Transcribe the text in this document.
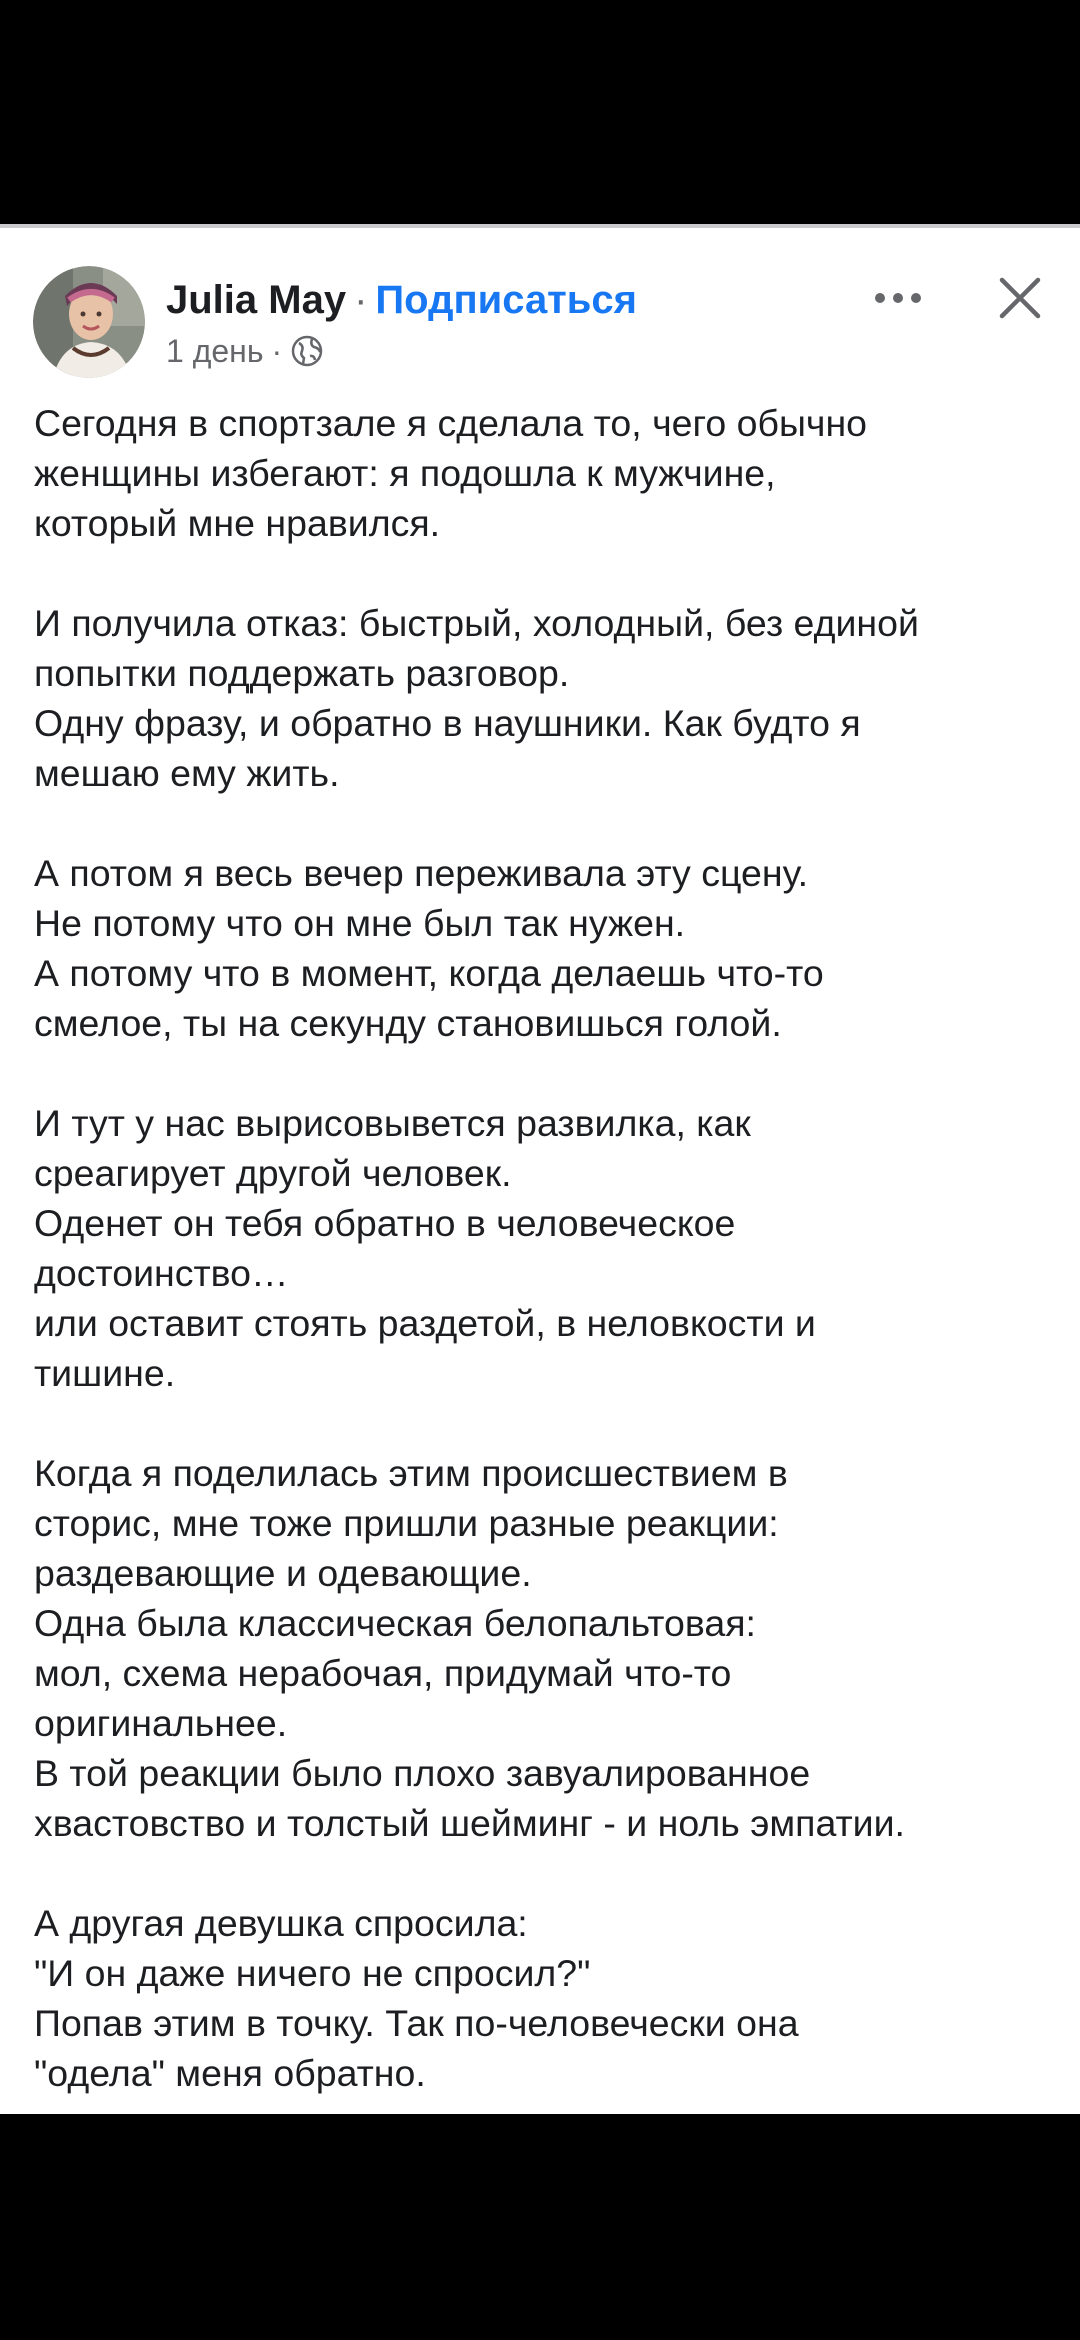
Julia May · Подписаться
1 день ·
Сегодня в спортзале я сделала то, чего обычно
женщины избегают: я подошла к мужчине,
который мне нравился.
И получила отказ: быстрый, холодный, без единой
попытки поддержать разговор.
Одну фразу, и обратно в наушники. Как будто я
мешаю ему жить.
А потом я весь вечер переживала эту сцену.
Не потому что он мне был так нужен.
А потому что в момент, когда делаешь что-то
смелое, ты на секунду становишься голой.
И тут у нас вырисовывется развилка, как
среагирует другой человек.
Оденет он тебя обратно в человеческое
достоинство…
или оставит стоять раздетой, в неловкости и
тишине.
Когда я поделилась этим происшествием в
сторис, мне тоже пришли разные реакции:
раздевающие и одевающие.
Одна была классическая белопальтовая:
мол, схема нерабочая, придумай что-то
оригинальнее.
В той реакции было плохо завуалированное
хвастовство и толстый шейминг - и ноль эмпатии.
А другая девушка спросила:
"И он даже ничего не спросил?"
Попав этим в точку. Так по-человечески она
"одела" меня обратно.
